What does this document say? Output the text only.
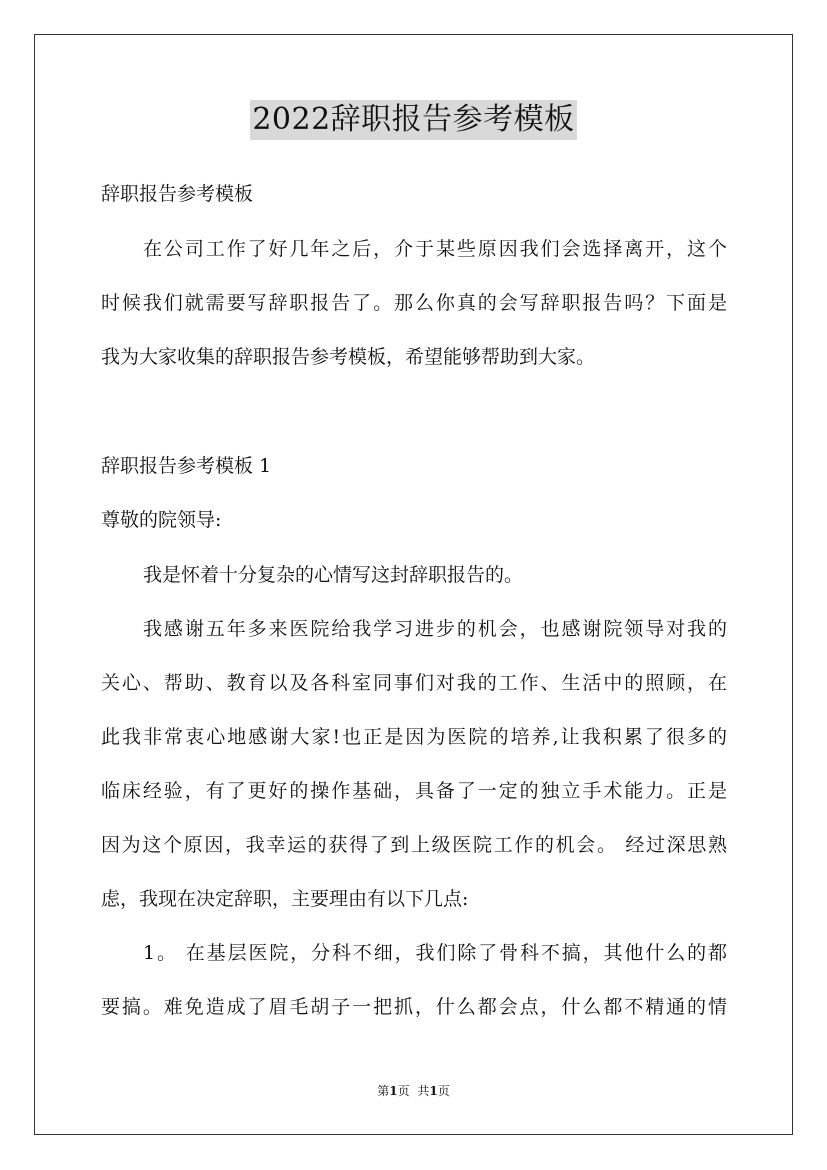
2022辞职报告参考模板
辞职报告参考模板
在公司工作了好几年之后，介于某些原因我们会选择离开，这个
时候我们就需要写辞职报告了。那么你真的会写辞职报告吗？下面是
我为大家收集的辞职报告参考模板，希望能够帮助到大家。
辞职报告参考模板 1
尊敬的院领导:
我是怀着十分复杂的心情写这封辞职报告的。
我感谢五年多来医院给我学习进步的机会，也感谢院领导对我的
关心、帮助、教育以及各科室同事们对我的工作、生活中的照顾，在
此我非常衷心地感谢大家!也正是因为医院的培养,让我积累了很多的
临床经验，有了更好的操作基础，具备了一定的独立手术能力。正是
因为这个原因，我幸运的获得了到上级医院工作的机会。 经过深思熟
虑，我现在决定辞职，主要理由有以下几点:
1。 在基层医院，分科不细，我们除了骨科不搞，其他什么的都
要搞。难免造成了眉毛胡子一把抓，什么都会点，什么都不精通的情
第1页 共1页
